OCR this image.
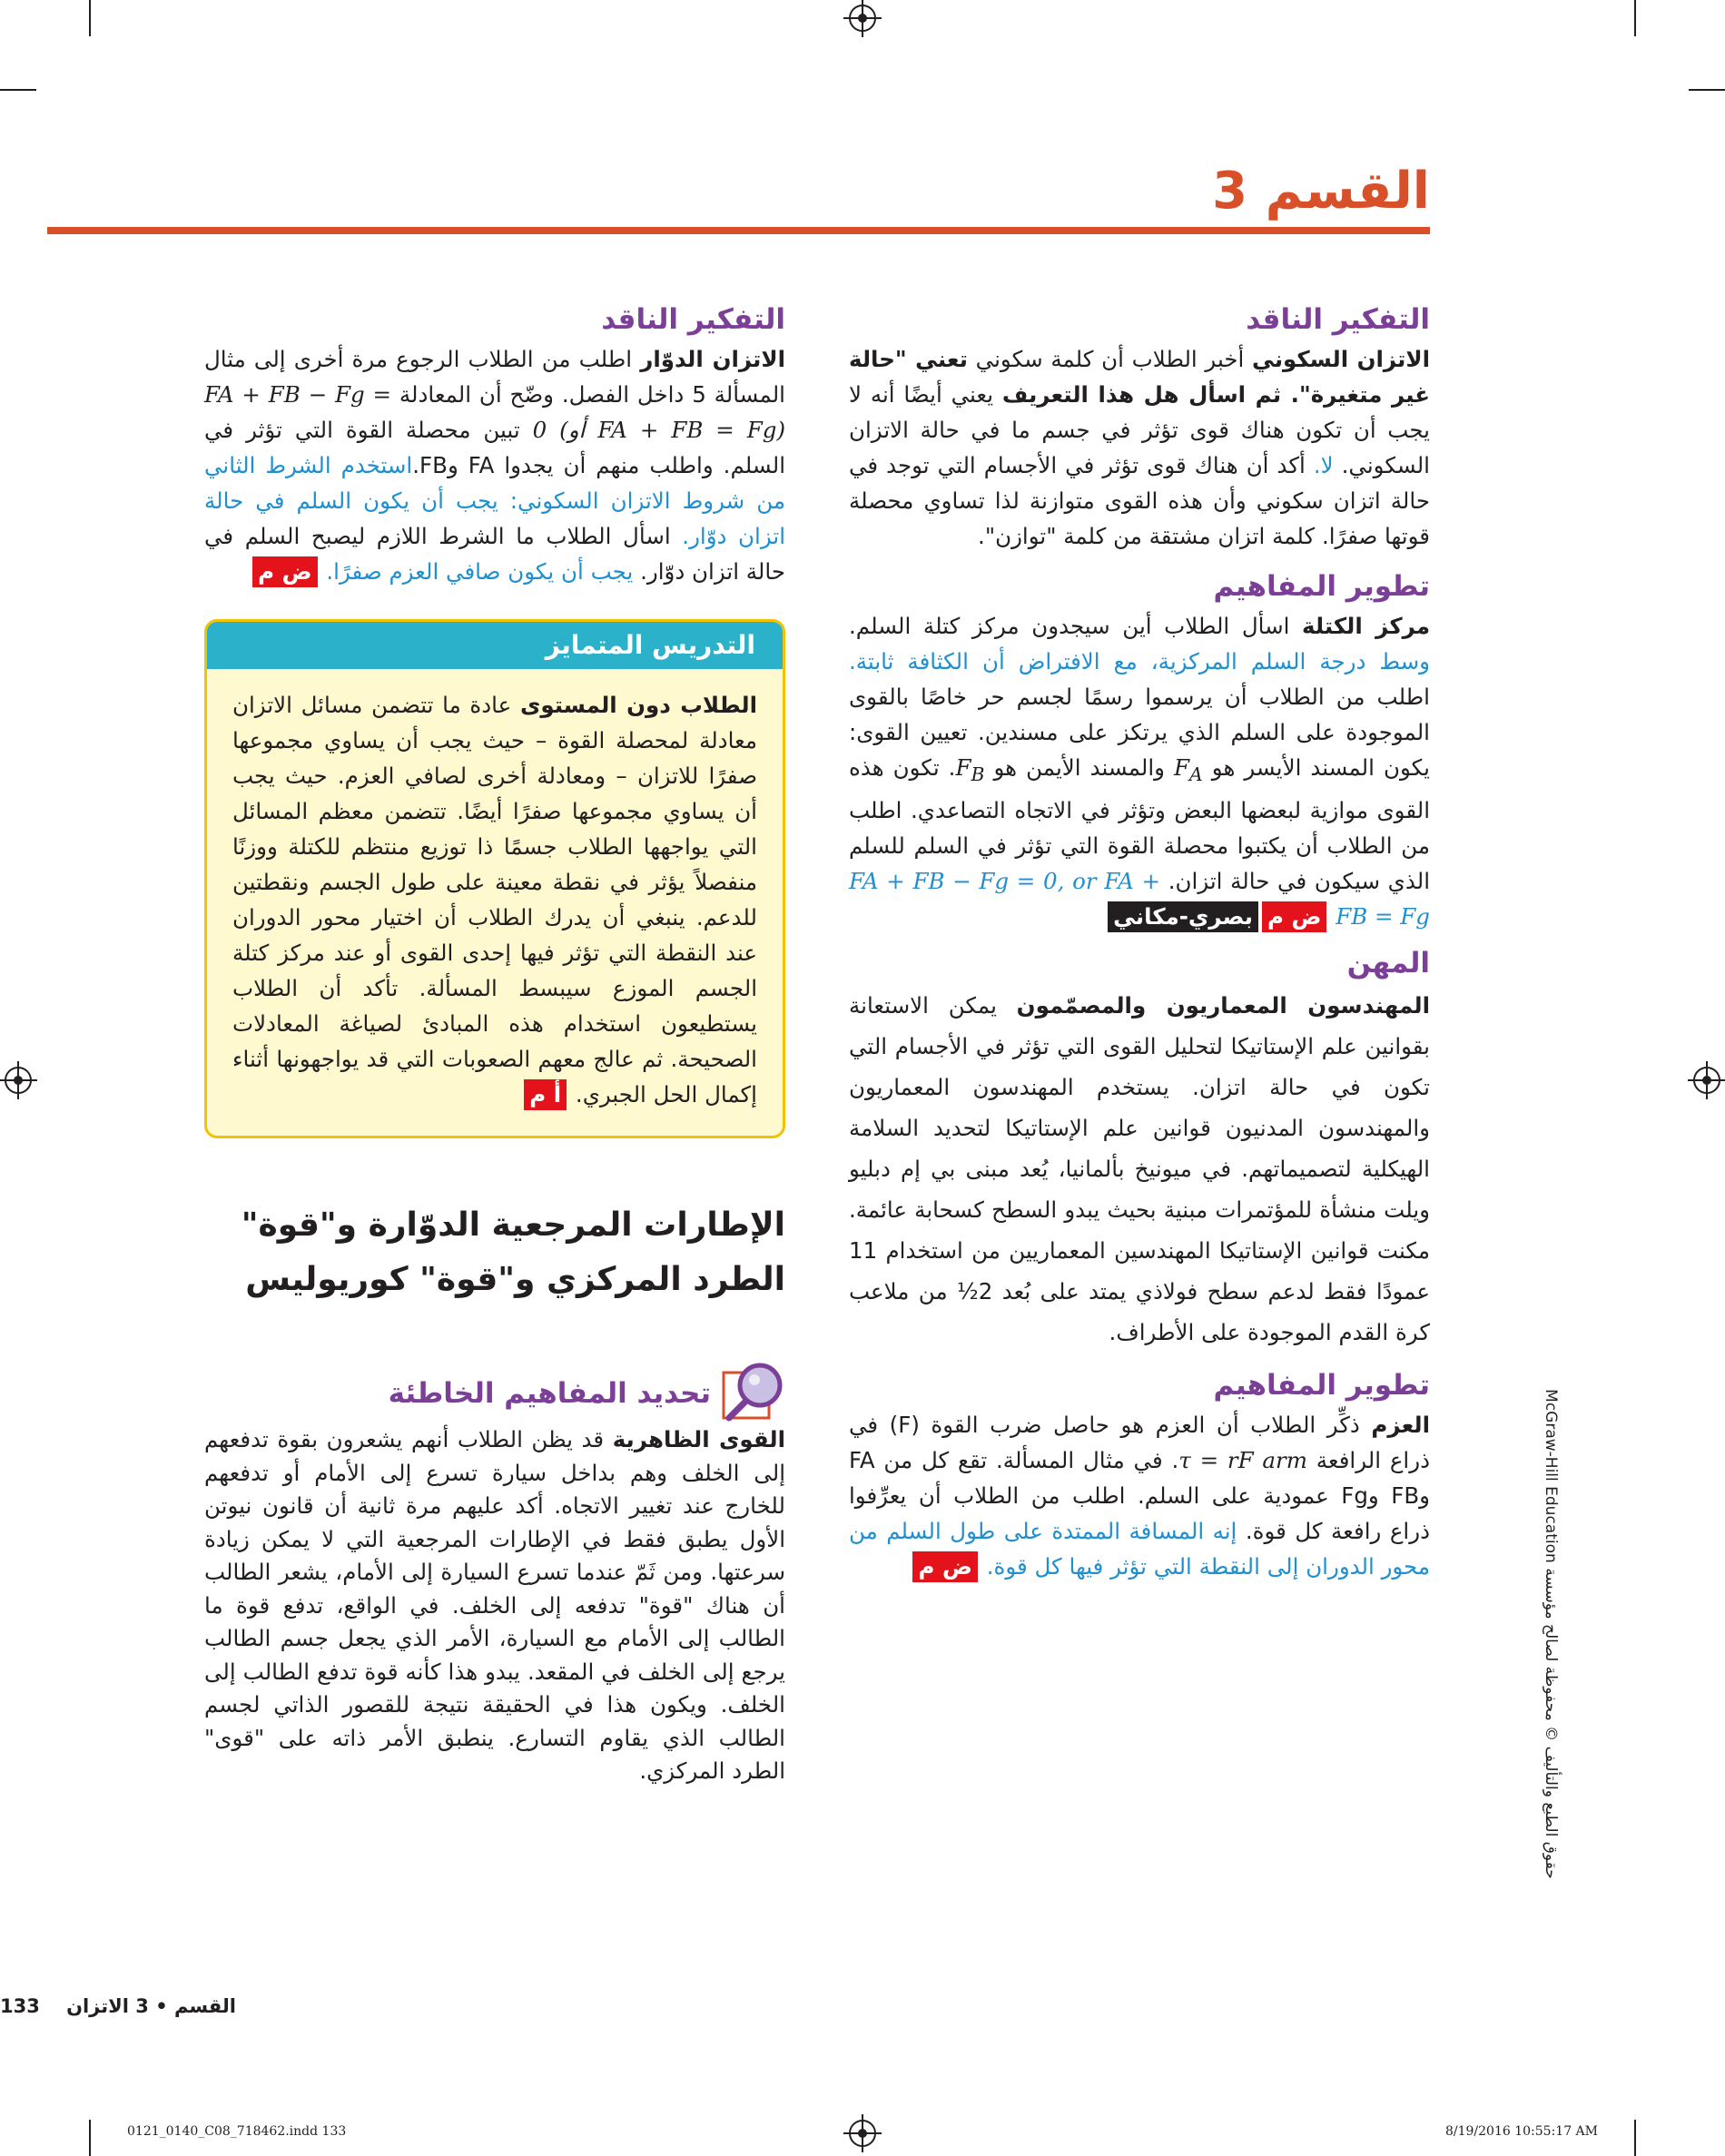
القسم 3
التفكير الناقد

الاتزان السكوني أخبر الطلاب أن كلمة سكوني تعني "حالة غير متغيرة". ثم اسأل هل هذا التعريف يعني أيضًا أنه لا يجب أن تكون هناك قوى تؤثر في جسم ما في حالة الاتزان السكوني. لا. أكد أن هناك قوى تؤثر في الأجسام التي توجد في حالة اتزان سكوني وأن هذه القوى متوازنة لذا تساوي محصلة قوتها صفرًا. كلمة اتزان مشتقة من كلمة "توازن".

تطوير المفاهيم

مركز الكتلة اسأل الطلاب أين سيجدون مركز كتلة السلم. وسط درجة السلم المركزية، مع الافتراض أن الكثافة ثابتة. اطلب من الطلاب أن يرسموا رسمًا لجسم حر خاصًا بالقوى الموجودة على السلم الذي يرتكز على مسندين. تعيين القوى: يكون المسند الأيسر هو $F_A$ والمسند الأيمن هو $F_B$. تكون هذه القوى موازية لبعضها البعض وتؤثر في الاتجاه التصاعدي. اطلب من الطلاب أن يكتبوا محصلة القوة التي تؤثر في السلم للسلم الذي سيكون في حالة اتزان. FA + FB − Fg = 0, or FA + FB = Fg ض مبصري-مكاني

المهن

المهندسون المعماريون والمصمّمون يمكن الاستعانة بقوانين علم الإستاتيكا لتحليل القوى التي تؤثر في الأجسام التي تكون في حالة اتزان. يستخدم المهندسون المعماريون والمهندسون المدنيون قوانين علم الإستاتيكا لتحديد السلامة الهيكلية لتصميماتهم. في ميونيخ بألمانيا، يُعد مبنى بي إم دبليو ويلت منشأة للمؤتمرات مبنية بحيث يبدو السطح كسحابة عائمة. مكنت قوانين الإستاتيكا المهندسين المعماريين من استخدام 11 عمودًا فقط لدعم سطح فولاذي يمتد على بُعد 2½ من ملاعب كرة القدم الموجودة على الأطراف.

تطوير المفاهيم

العزم ذكِّر الطلاب أن العزم هو حاصل ضرب القوة (F) في ذراع الرافعة τ = rF arm. في مثال المسألة. تقع كل من FA وFB وFg عمودية على السلم. اطلب من الطلاب أن يعرِّفوا ذراع رافعة كل قوة. إنه المسافة الممتدة على طول السلم من محور الدوران إلى النقطة التي تؤثر فيها كل قوة. ض م

التفكير الناقد

الاتزان الدوّار اطلب من الطلاب الرجوع مرة أخرى إلى مثال المسألة 5 داخل الفصل. وضّح أن المعادلة FA + FB − Fg = 0 (أو FA + FB = Fg) تبين محصلة القوة التي تؤثر في السلم. واطلب منهم أن يجدوا FA وFB.استخدم الشرط الثاني من شروط الاتزان السكوني: يجب أن يكون السلم في حالة اتزان دوّار. اسأل الطلاب ما الشرط اللازم ليصبح السلم في حالة اتزان دوّار. يجب أن يكون صافي العزم صفرًا. ض م

التدريس المتمايز
الطلاب دون المستوى عادة ما تتضمن مسائل الاتزان معادلة لمحصلة القوة – حيث يجب أن يساوي مجموعها صفرًا للاتزان – ومعادلة أخرى لصافي العزم. حيث يجب أن يساوي مجموعها صفرًا أيضًا. تتضمن معظم المسائل التي يواجهها الطلاب جسمًا ذا توزيع منتظم للكتلة ووزنًا منفصلاً يؤثر في نقطة معينة على طول الجسم ونقطتين للدعم. ينبغي أن يدرك الطلاب أن اختيار محور الدوران عند النقطة التي تؤثر فيها إحدى القوى أو عند مركز كتلة الجسم الموزع سيبسط المسألة. تأكد أن الطلاب يستطيعون استخدام هذه المبادئ لصياغة المعادلات الصحيحة. ثم عالج معهم الصعوبات التي قد يواجهونها أثناء إكمال الحل الجبري. أ م
الإطارات المرجعية الدوّارة و"قوة" الطرد المركزي و"قوة" كوريوليس
تحديد المفاهيم الخاطئة

القوى الظاهرية قد يظن الطلاب أنهم يشعرون بقوة تدفعهم إلى الخلف وهم بداخل سيارة تسرع إلى الأمام أو تدفعهم للخارج عند تغيير الاتجاه. أكد عليهم مرة ثانية أن قانون نيوتن الأول يطبق فقط في الإطارات المرجعية التي لا يمكن زيادة سرعتها. ومن ثَمّ عندما تسرع السيارة إلى الأمام، يشعر الطالب أن هناك "قوة" تدفعه إلى الخلف. في الواقع، تدفع قوة ما الطالب إلى الأمام مع السيارة، الأمر الذي يجعل جسم الطالب يرجع إلى الخلف في المقعد. يبدو هذا كأنه قوة تدفع الطالب إلى الخلف. ويكون هذا في الحقيقة نتيجة للقصور الذاتي لجسم الطالب الذي يقاوم التسارع. ينطبق الأمر ذاته على "قوى" الطرد المركزي.

حقوق الطبع والتأليف © محفوظة لصالح مؤسسة McGraw-Hill Education
القسم • 3 الاتزان    133
0121_0140_C08_718462.indd 133	8/19/2016 10:55:17 AM
